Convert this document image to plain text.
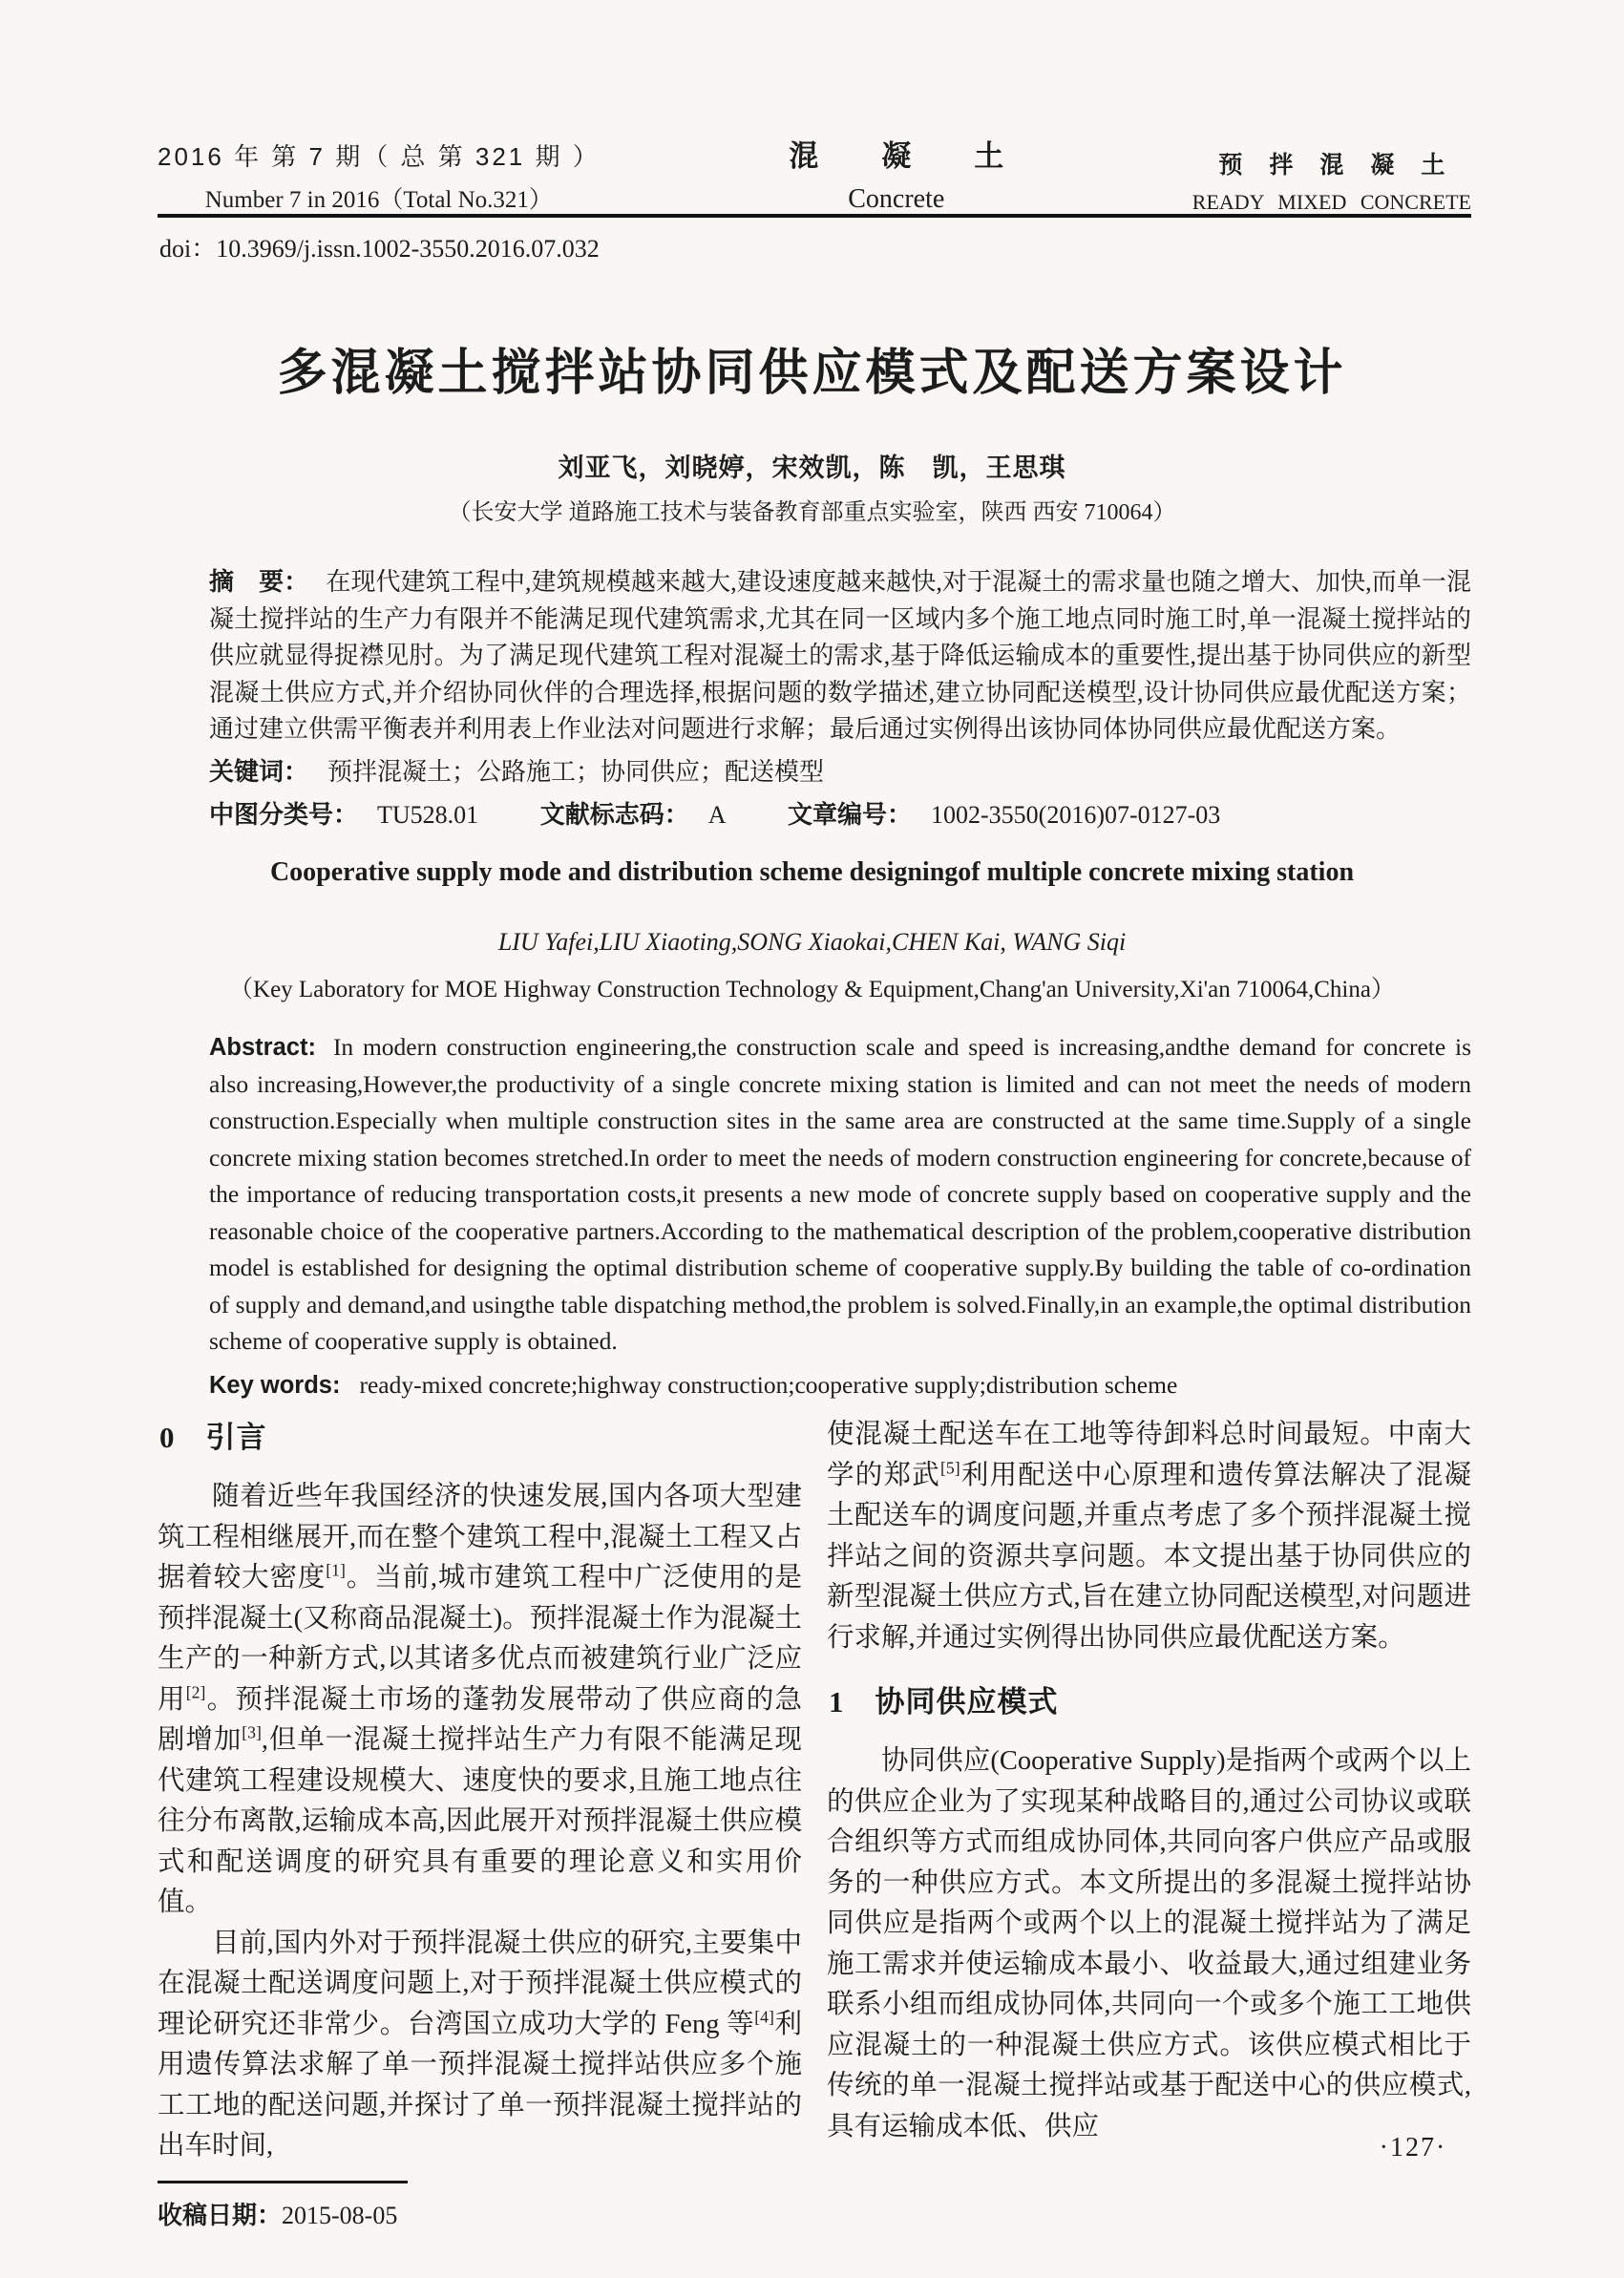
2016 年 第 7 期（ 总 第 321 期 ）
Number 7 in 2016（Total No.321）
混凝土
Concrete
预拌混凝土
READY MIXED CONCRETE
doi：10.3969/j.issn.1002-3550.2016.07.032
多混凝土搅拌站协同供应模式及配送方案设计
刘亚飞，刘晓婷，宋效凯，陈　凯，王思琪
（长安大学 道路施工技术与装备教育部重点实验室，陕西 西安 710064）

摘　要： 在现代建筑工程中,建筑规模越来越大,建设速度越来越快,对于混凝土的需求量也随之增大、加快,而单一混凝土搅拌站的生产力有限并不能满足现代建筑需求,尤其在同一区域内多个施工地点同时施工时,单一混凝土搅拌站的供应就显得捉襟见肘。为了满足现代建筑工程对混凝土的需求,基于降低运输成本的重要性,提出基于协同供应的新型混凝土供应方式,并介绍协同伙伴的合理选择,根据问题的数学描述,建立协同配送模型,设计协同供应最优配送方案；通过建立供需平衡表并利用表上作业法对问题进行求解；最后通过实例得出该协同体协同供应最优配送方案。

关键词： 预拌混凝土；公路施工；协同供应；配送模型

中图分类号： TU528.01 文献标志码： A 文章编号： 1002-3550(2016)07-0127-03

Cooperative supply mode and distribution scheme designingof multiple concrete mixing station
LIU Yafei,LIU Xiaoting,SONG Xiaokai,CHEN Kai, WANG Siqi
（Key Laboratory for MOE Highway Construction Technology & Equipment,Chang'an University,Xi'an 710064,China）

Abstract: In modern construction engineering,the construction scale and speed is increasing,andthe demand for concrete is also increasing,However,the productivity of a single concrete mixing station is limited and can not meet the needs of modern construction.Especially when multiple construction sites in the same area are constructed at the same time.Supply of a single concrete mixing station becomes stretched.In order to meet the needs of modern construction engineering for concrete,because of the importance of reducing transportation costs,it presents a new mode of concrete supply based on cooperative supply and the reasonable choice of the cooperative partners.According to the mathematical description of the problem,cooperative distribution model is established for designing the optimal distribution scheme of cooperative supply.By building the table of co-ordination of supply and demand,and usingthe table dispatching method,the problem is solved.Finally,in an example,the optimal distribution scheme of cooperative supply is obtained.

Key words: ready-mixed concrete;highway construction;cooperative supply;distribution scheme

0　引言

随着近些年我国经济的快速发展,国内各项大型建筑工程相继展开,而在整个建筑工程中,混凝土工程又占据着较大密度[1]。当前,城市建筑工程中广泛使用的是预拌混凝土(又称商品混凝土)。预拌混凝土作为混凝土生产的一种新方式,以其诸多优点而被建筑行业广泛应用[2]。预拌混凝土市场的蓬勃发展带动了供应商的急剧增加[3],但单一混凝土搅拌站生产力有限不能满足现代建筑工程建设规模大、速度快的要求,且施工地点往往分布离散,运输成本高,因此展开对预拌混凝土供应模式和配送调度的研究具有重要的理论意义和实用价值。

目前,国内外对于预拌混凝土供应的研究,主要集中在混凝土配送调度问题上,对于预拌混凝土供应模式的理论研究还非常少。台湾国立成功大学的 Feng 等[4]利用遗传算法求解了单一预拌混凝土搅拌站供应多个施工工地的配送问题,并探讨了单一预拌混凝土搅拌站的出车时间,

收稿日期：2015-08-05

使混凝土配送车在工地等待卸料总时间最短。中南大学的郑武[5]利用配送中心原理和遗传算法解决了混凝土配送车的调度问题,并重点考虑了多个预拌混凝土搅拌站之间的资源共享问题。本文提出基于协同供应的新型混凝土供应方式,旨在建立协同配送模型,对问题进行求解,并通过实例得出协同供应最优配送方案。

1　协同供应模式

协同供应(Cooperative Supply)是指两个或两个以上的供应企业为了实现某种战略目的,通过公司协议或联合组织等方式而组成协同体,共同向客户供应产品或服务的一种供应方式。本文所提出的多混凝土搅拌站协同供应是指两个或两个以上的混凝土搅拌站为了满足施工需求并使运输成本最小、收益最大,通过组建业务联系小组而组成协同体,共同向一个或多个施工工地供应混凝土的一种混凝土供应方式。该供应模式相比于传统的单一混凝土搅拌站或基于配送中心的供应模式,具有运输成本低、供应

·127·
